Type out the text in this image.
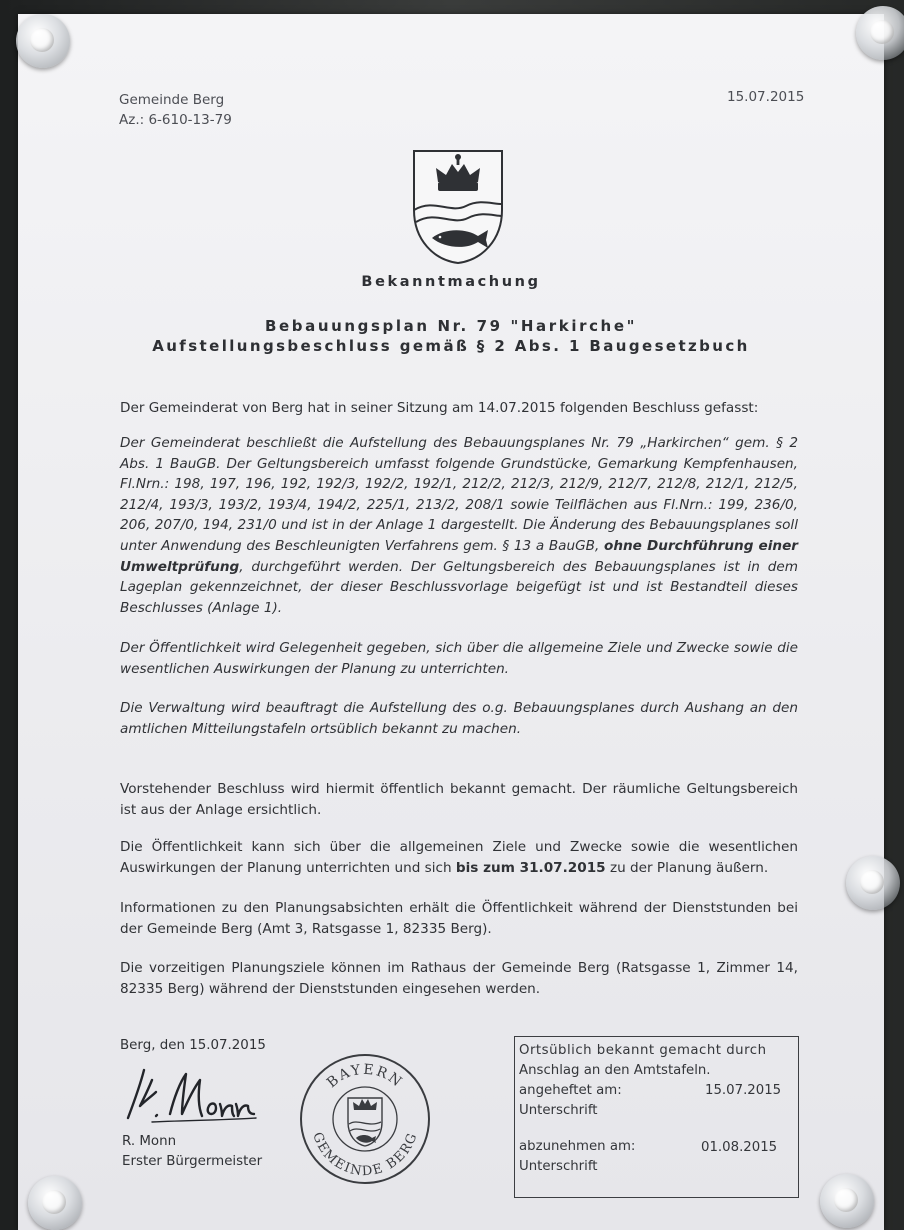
Gemeinde Berg
Az.: 6-610-13-79
15.07.2015

Bekanntmachung

Bebauungsplan Nr. 79 "Harkirche"

Aufstellungsbeschluss gemäß § 2 Abs. 1 Baugesetzbuch

Der Gemeinderat von Berg hat in seiner Sitzung am 14.07.2015 folgenden Beschluss gefasst:

Der Gemeinderat beschließt die Aufstellung des Bebauungsplanes Nr. 79 „Harkirchen“ gem. § 2 Abs. 1 BauGB. Der Geltungsbereich umfasst folgende Grundstücke, Gemarkung Kempfenhausen, Fl.Nrn.: 198, 197, 196, 192, 192/3, 192/2, 192/1, 212/2, 212/3, 212/9, 212/7, 212/8, 212/1, 212/5, 212/4, 193/3, 193/2, 193/4, 194/2, 225/1, 213/2, 208/1 sowie Teilflächen aus Fl.Nrn.: 199, 236/0, 206, 207/0, 194, 231/0 und ist in der Anlage 1 dargestellt. Die Änderung des Bebauungsplanes soll unter Anwendung des Beschleunigten Verfahrens gem. § 13 a BauGB, ohne Durchführung einer Umweltprüfung, durchgeführt werden. Der Geltungsbereich des Bebauungsplanes ist in dem Lageplan gekennzeichnet, der dieser Beschlussvorlage beigefügt ist und ist Bestandteil dieses Beschlusses (Anlage 1).

Der Öffentlichkeit wird Gelegenheit gegeben, sich über die allgemeine Ziele und Zwecke sowie die wesentlichen Auswirkungen der Planung zu unterrichten.

Die Verwaltung wird beauftragt die Aufstellung des o.g. Bebauungsplanes durch Aushang an den amtlichen Mitteilungstafeln ortsüblich bekannt zu machen.

Vorstehender Beschluss wird hiermit öffentlich bekannt gemacht. Der räumliche Geltungsbereich ist aus der Anlage ersichtlich.

Die Öffentlichkeit kann sich über die allgemeinen Ziele und Zwecke sowie die wesentlichen Auswirkungen der Planung unterrichten und sich bis zum 31.07.2015 zu der Planung äußern.

Informationen zu den Planungsabsichten erhält die Öffentlichkeit während der Dienststunden bei der Gemeinde Berg (Amt 3, Ratsgasse 1, 82335 Berg).

Die vorzeitigen Planungsziele können im Rathaus der Gemeinde Berg (Ratsgasse 1, Zimmer 14, 82335 Berg) während der Dienststunden eingesehen werden.

Berg, den 15.07.2015
R. Monn
Erster Bürgermeister
BAYERN
GEMEINDE BERG
Ortsüblich bekannt gemacht durch
Anschlag an den Amtstafeln.
angeheftet am:	15.07.2015
Unterschrift
abzunehmen am:	01.08.2015
Unterschrift
